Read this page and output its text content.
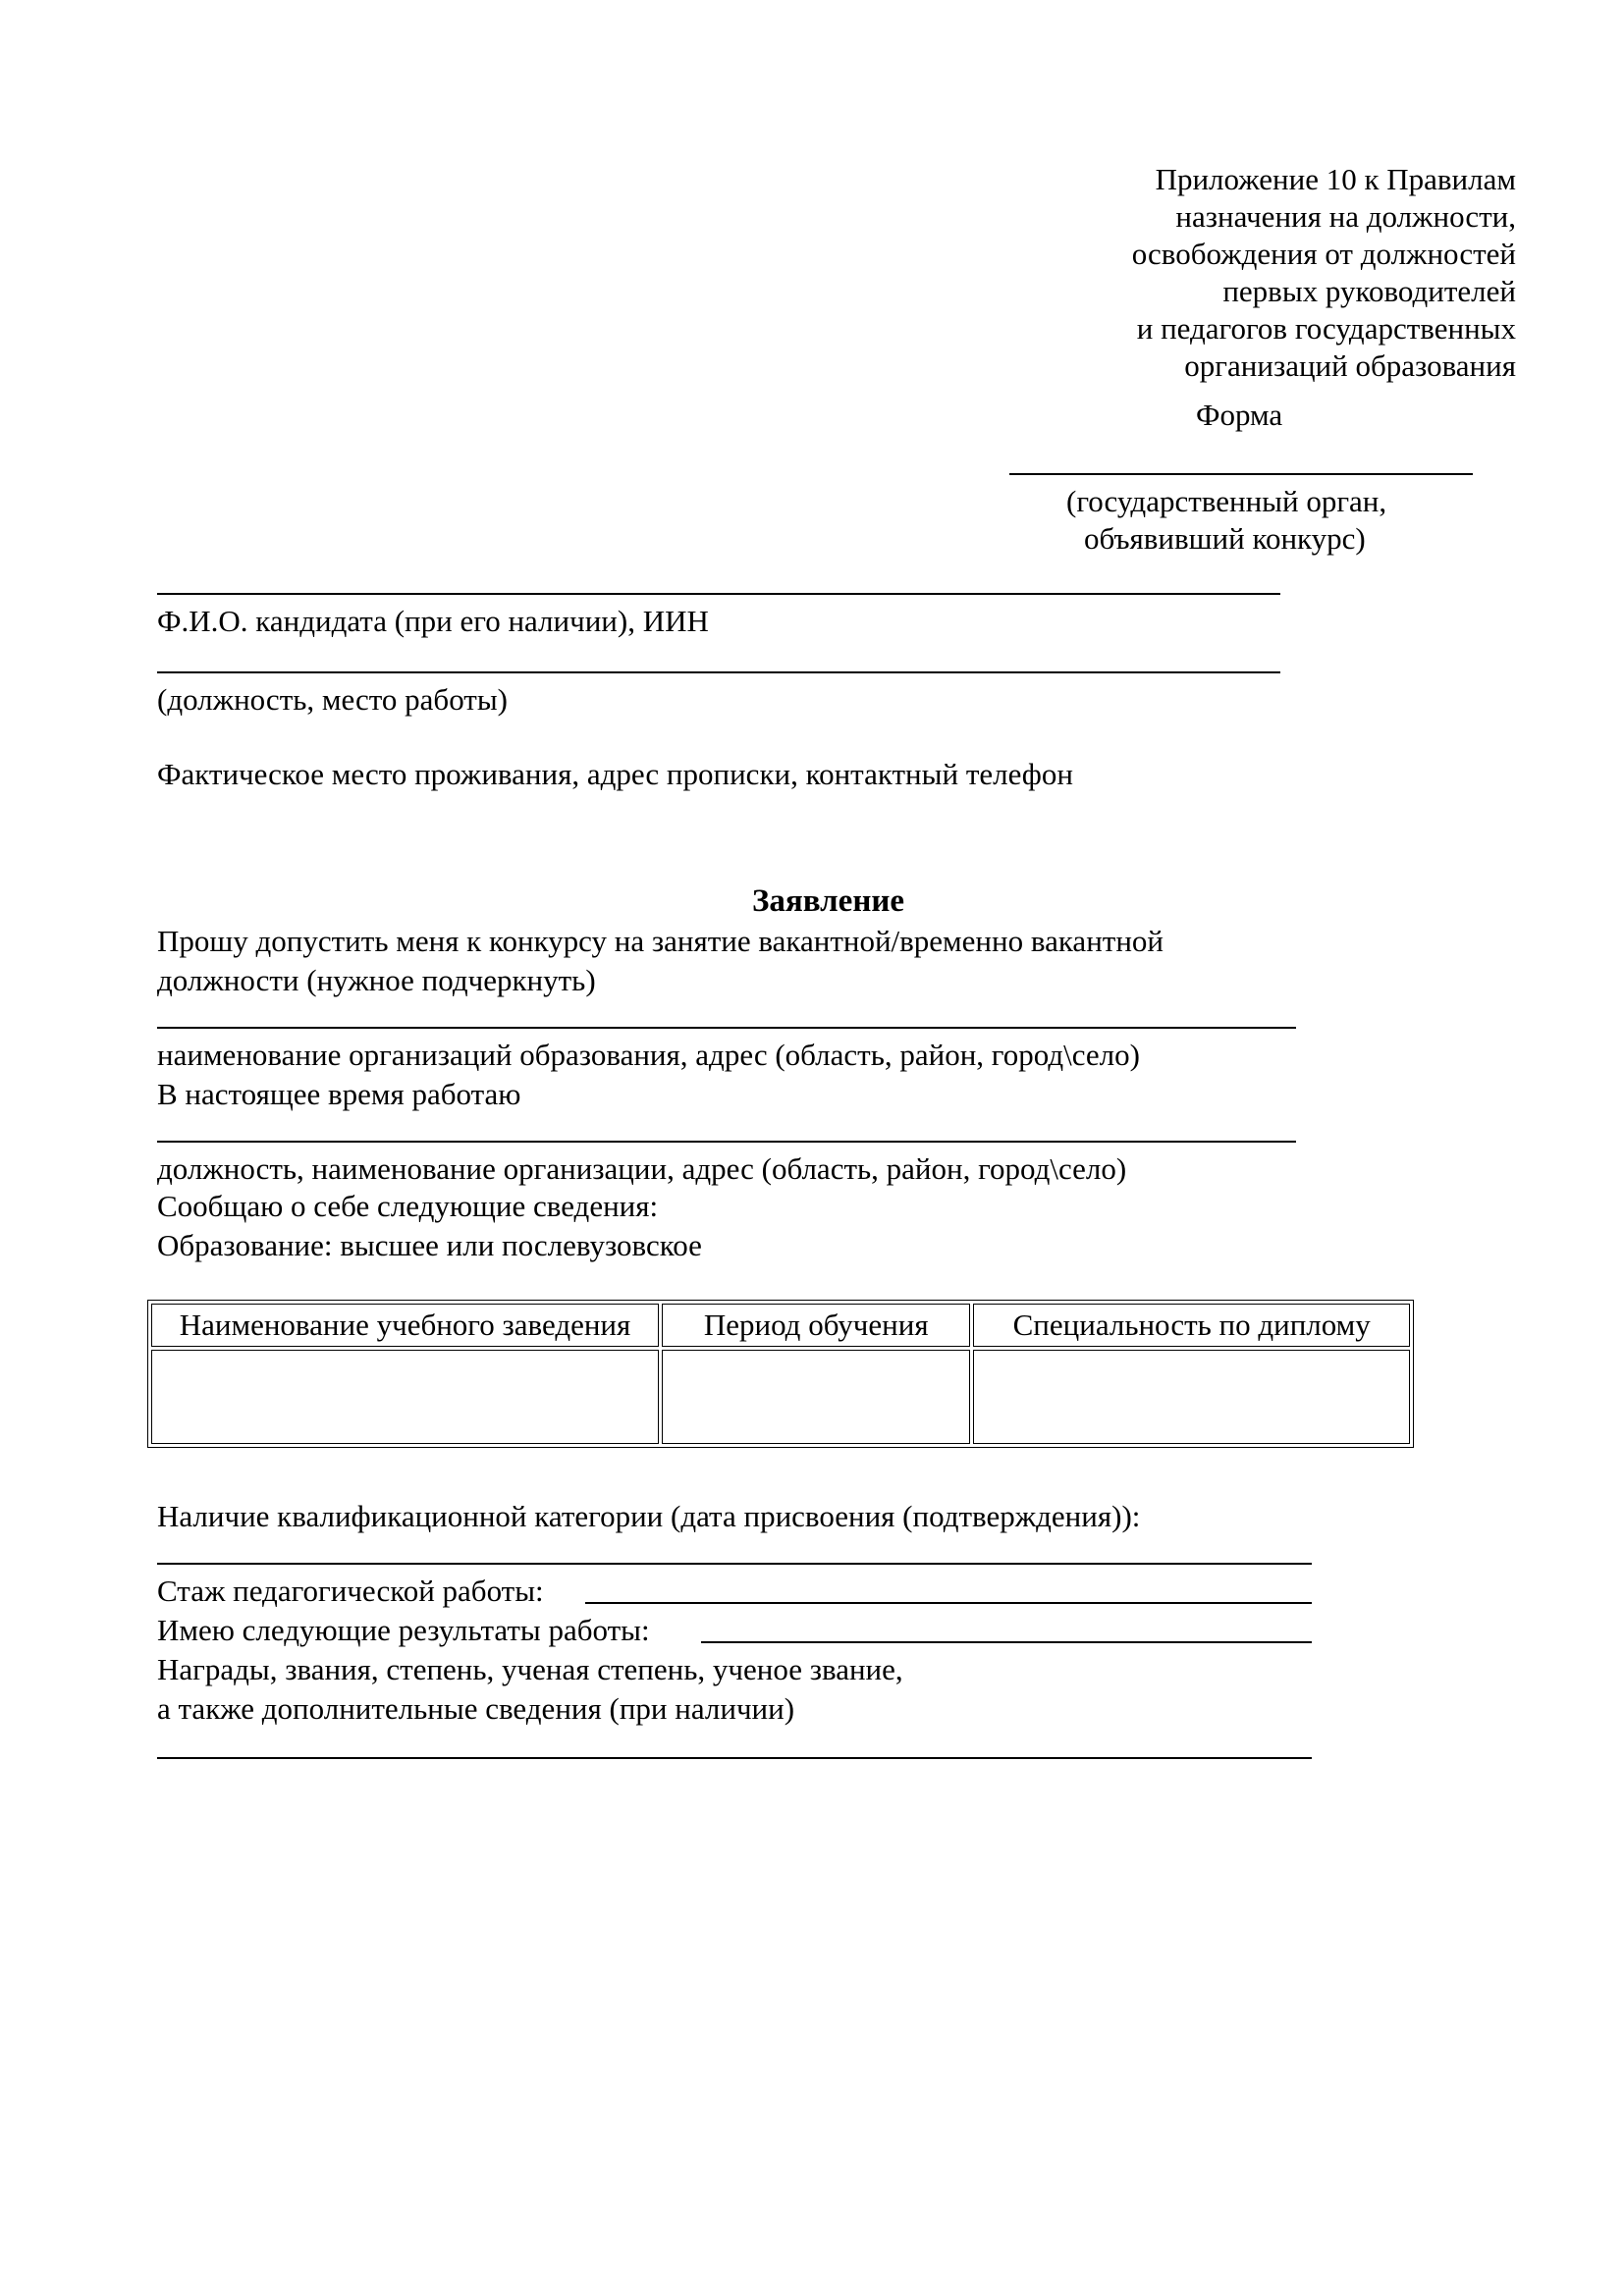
Приложение 10 к Правилам
назначения на должности,
освобождения от должностей
первых руководителей
и педагогов государственных
организаций образования
Форма
(государственный орган,
объявивший конкурс)
Ф.И.О. кандидата (при его наличии), ИИН
(должность, место работы)
Фактическое место проживания, адрес прописки, контактный телефон
Заявление
Прошу допустить меня к конкурсу на занятие вакантной/временно вакантной
должности (нужное подчеркнуть)
наименование организаций образования, адрес (область, район, город\село)
В настоящее время работаю
должность, наименование организации, адрес (область, район, город\село)
Сообщаю о себе следующие сведения:
Образование: высшее или послевузовское
Наименование учебного заведения	Период обучения	Специальность по диплому

Наличие квалификационной категории (дата присвоения (подтверждения)):
Стаж педагогической работы:
Имею следующие результаты работы:
Награды, звания, степень, ученая степень, ученое звание,
а также дополнительные сведения (при наличии)
